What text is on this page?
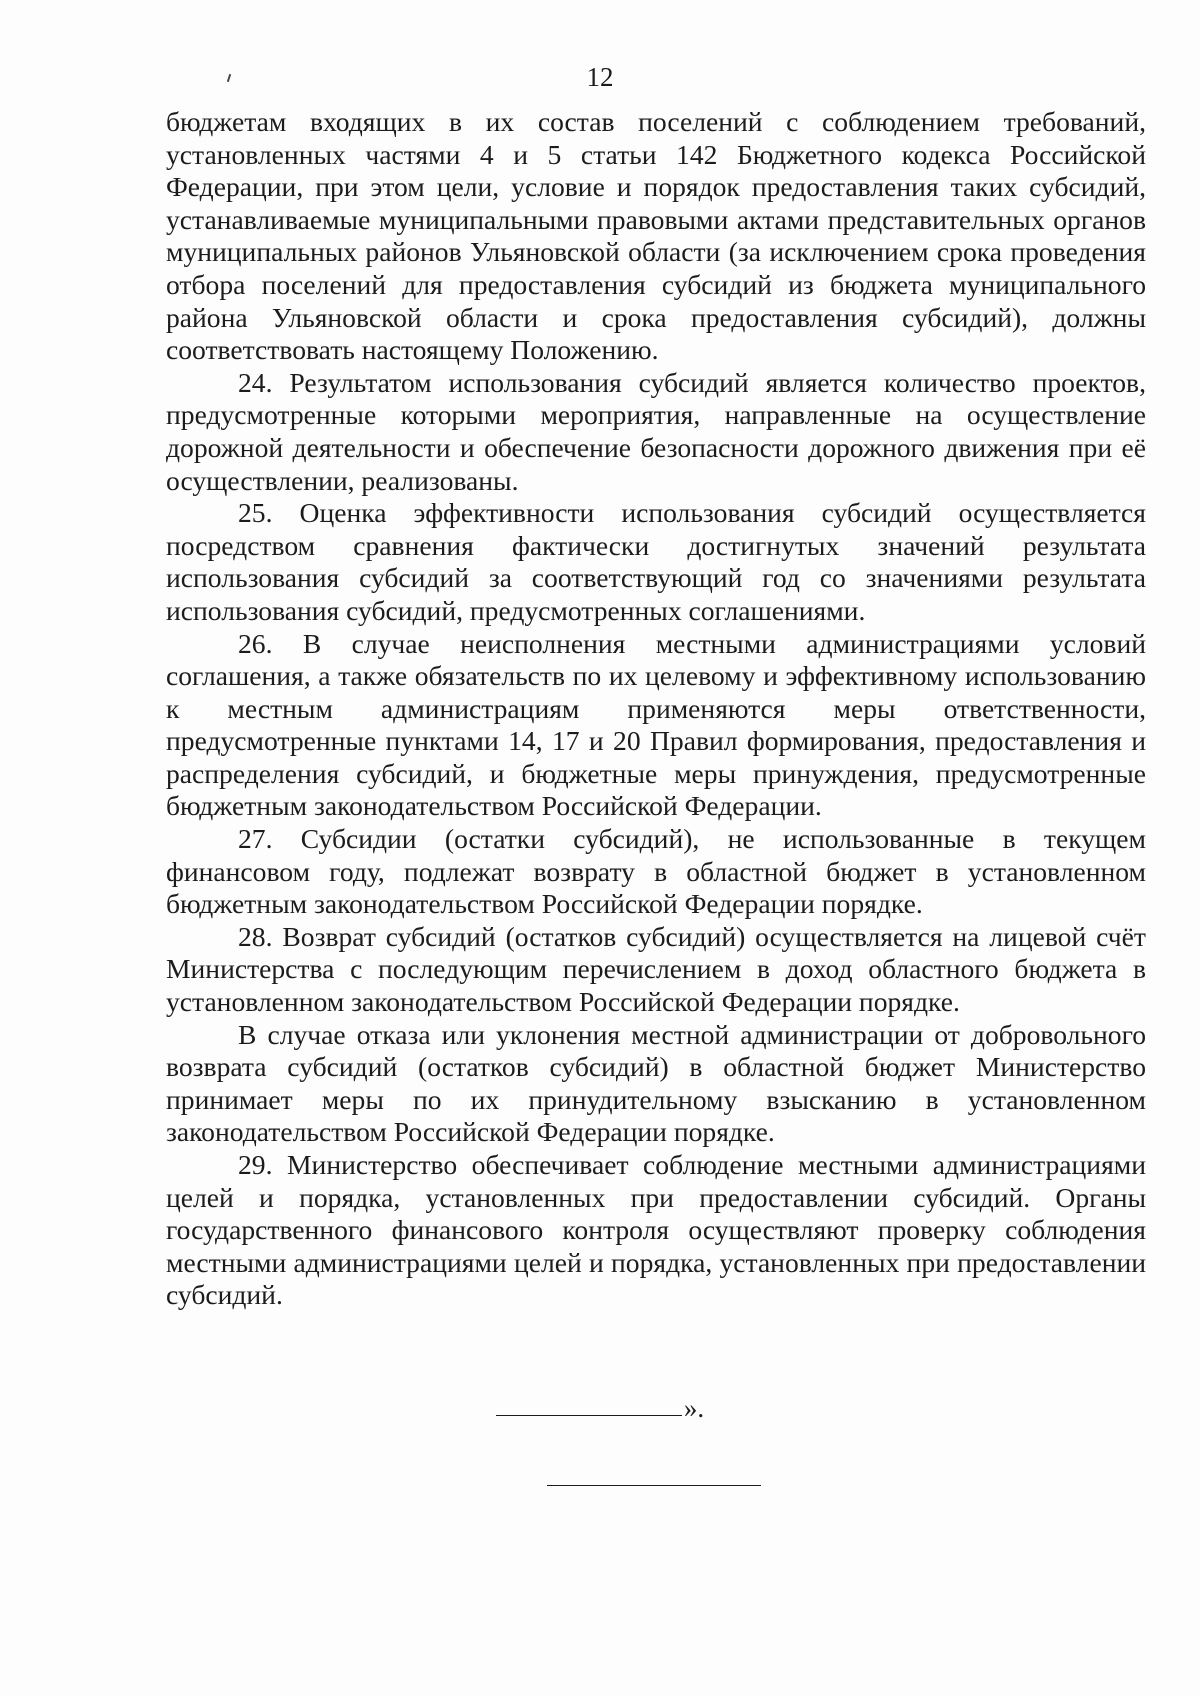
12

бюджетам входящих в их состав поселений с соблюдением требований, установленных частями 4 и 5 статьи 142 Бюджетного кодекса Российской Федерации, при этом цели, условие и порядок предоставления таких субсидий, устанавливаемые муниципальными правовыми актами представительных органов муниципальных районов Ульяновской области (за исключением срока проведения отбора поселений для предоставления субсидий из бюджета муниципального района Ульяновской области и срока предоставления субсидий), должны соответствовать настоящему Положению.

24. Результатом использования субсидий является количество проектов, предусмотренные которыми мероприятия, направленные на осуществление дорожной деятельности и обеспечение безопасности дорожного движения при её осуществлении, реализованы.

25. Оценка эффективности использования субсидий осуществляется посредством сравнения фактически достигнутых значений результата использования субсидий за соответствующий год со значениями результата использования субсидий, предусмотренных соглашениями.

26. В случае неисполнения местными администрациями условий соглашения, а также обязательств по их целевому и эффективному использованию к местным администрациям применяются меры ответственности, предусмотренные пунктами 14, 17 и 20 Правил формирования, предоставления и распределения субсидий, и бюджетные меры принуждения, предусмотренные бюджетным законодательством Российской Федерации.

27. Субсидии (остатки субсидий), не использованные в текущем финансовом году, подлежат возврату в областной бюджет в установленном бюджетным законодательством Российской Федерации порядке.

28. Возврат субсидий (остатков субсидий) осуществляется на лицевой счёт Министерства с последующим перечислением в доход областного бюджета в установленном законодательством Российской Федерации порядке.

В случае отказа или уклонения местной администрации от добровольного возврата субсидий (остатков субсидий) в областной бюджет Министерство принимает меры по их принудительному взысканию в установленном законодательством Российской Федерации порядке.

29. Министерство обеспечивает соблюдение местными администрациями целей и порядка, установленных при предоставлении субсидий. Органы государственного финансового контроля осуществляют проверку соблюдения местными администрациями целей и порядка, установленных при предоставлении субсидий.

».
